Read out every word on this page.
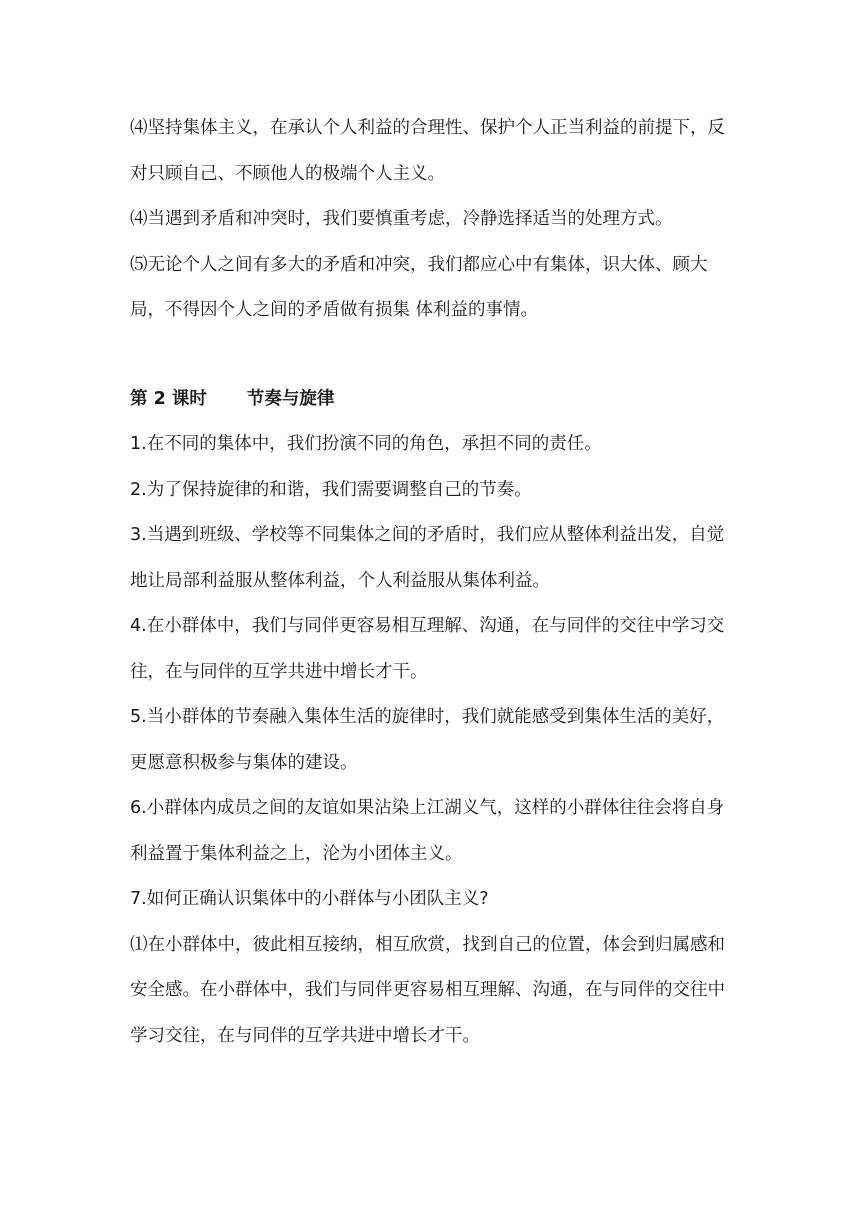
⑷坚持集体主义，在承认个人利益的合理性、保护个人正当利益的前提下，反对只顾自己、不顾他人的极端个人主义。

⑷当遇到矛盾和冲突时，我们要慎重考虑，冷静选择适当的处理方式。

⑸无论个人之间有多大的矛盾和冲突，我们都应心中有集体，识大体、顾大局，不得因个人之间的矛盾做有损集 体利益的事情。

第 2 课时 节奏与旋律

1.在不同的集体中，我们扮演不同的角色，承担不同的责任。

2.为了保持旋律的和谐，我们需要调整自己的节奏。

3.当遇到班级、学校等不同集体之间的矛盾时，我们应从整体利益出发，自觉地让局部利益服从整体利益，个人利益服从集体利益。

4.在小群体中，我们与同伴更容易相互理解、沟通，在与同伴的交往中学习交往，在与同伴的互学共进中增长才干。

5.当小群体的节奏融入集体生活的旋律时，我们就能感受到集体生活的美好，更愿意积极参与集体的建设。

6.小群体内成员之间的友谊如果沾染上江湖义气，这样的小群体往往会将自身利益置于集体利益之上，沦为小团体主义。

7.如何正确认识集体中的小群体与小团队主义?

⑴在小群体中，彼此相互接纳，相互欣赏，找到自己的位置，体会到归属感和安全感。在小群体中，我们与同伴更容易相互理解、沟通，在与同伴的交往中学习交往，在与同伴的互学共进中增长才干。
